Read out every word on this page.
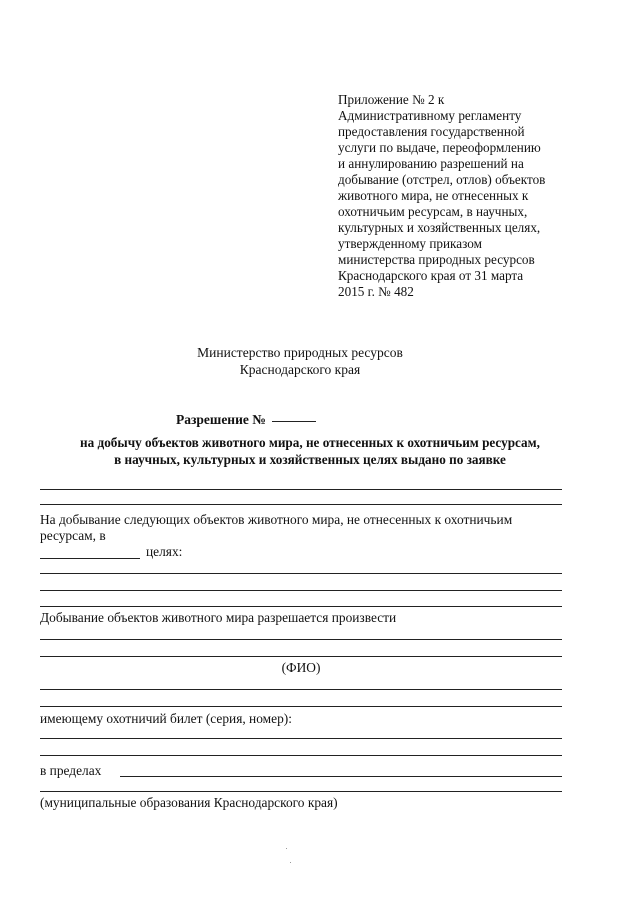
Приложение № 2 к
Административному регламенту
предоставления государственной
услуги по выдаче, переоформлению
и аннулированию разрешений на
добывание (отстрел, отлов) объектов
животного мира, не отнесенных к
охотничьим ресурсам, в научных,
культурных и хозяйственных целях,
утвержденному приказом
министерства природных ресурсов
Краснодарского края от 31 марта
2015 г. № 482
Министерство природных ресурсов
Краснодарского края
Разрешение №
на добычу объектов животного мира, не отнесенных к охотничьим ресурсам,
в научных, культурных и хозяйственных целях выдано по заявке
На добывание следующих объектов животного мира, не отнесенных к охотничьим
ресурсам, в
целях:
Добывание объектов животного мира разрешается произвести
(ФИО)
имеющему охотничий билет (серия, номер):
в пределах
(муниципальные образования Краснодарского края)
